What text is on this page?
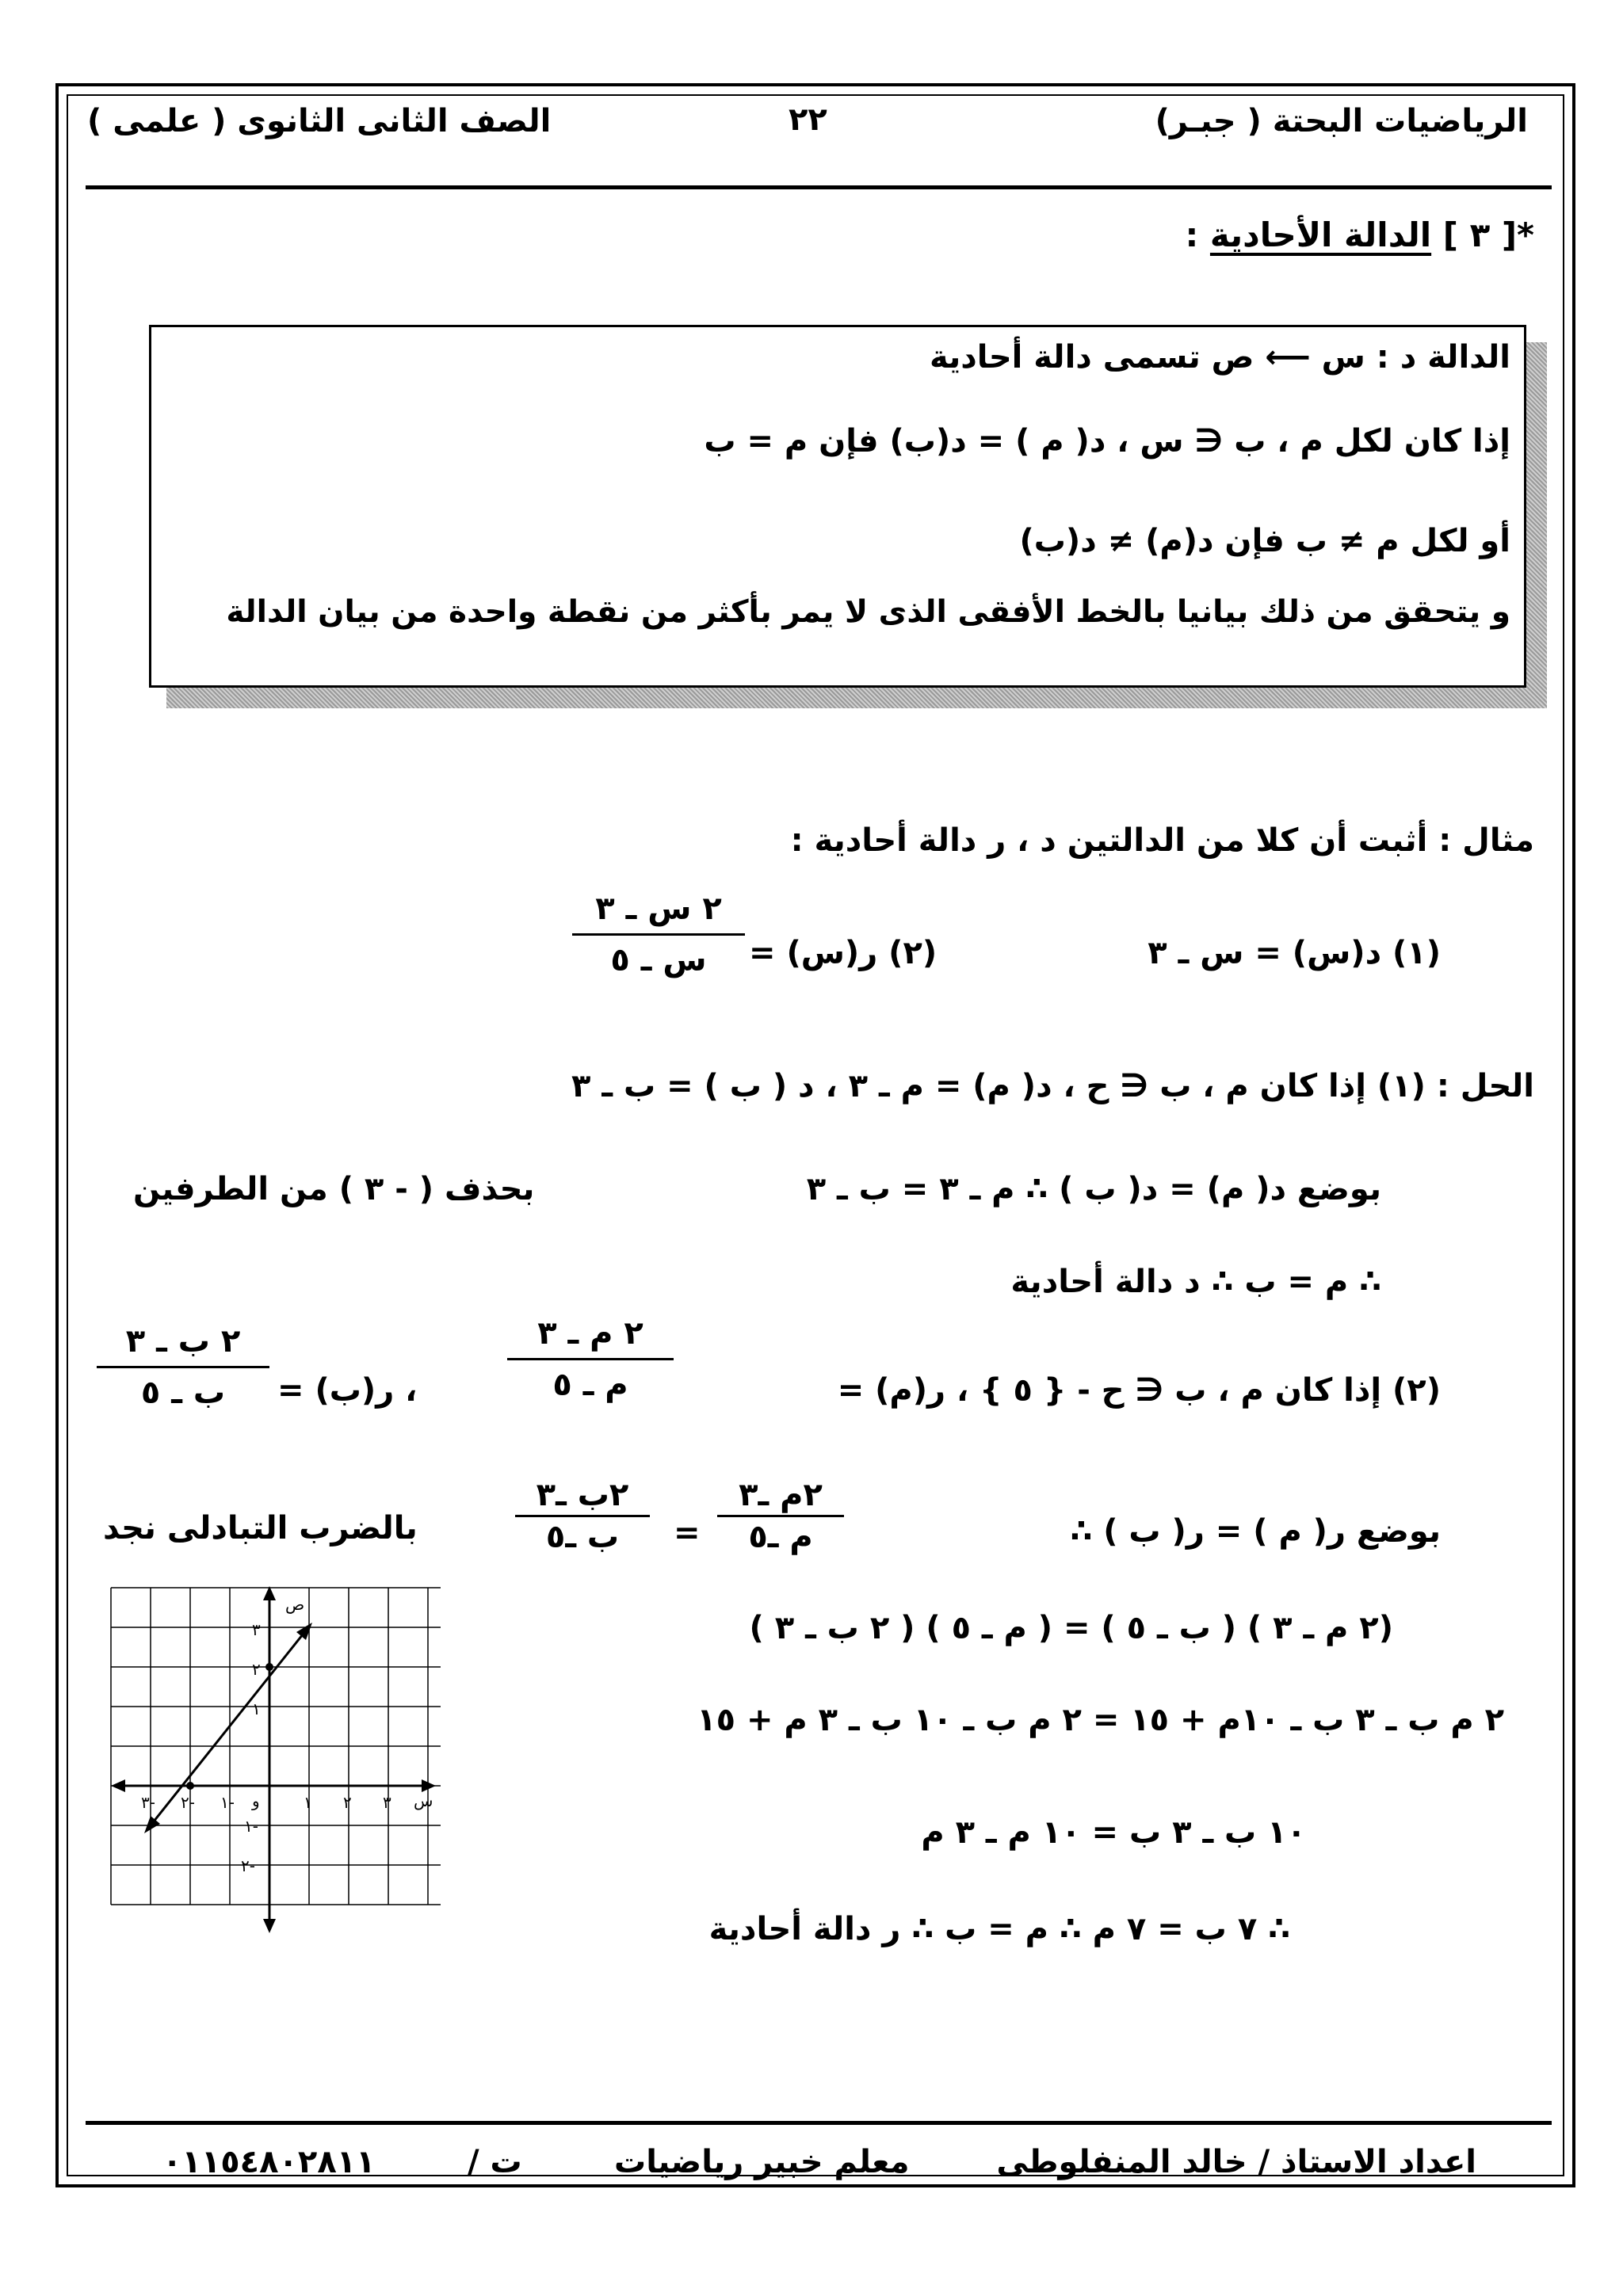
الرياضيات البحتة ( جبـر)
٢٢
الصف الثانى الثانوى ( علمى )
*[ ٣ ] الدالة الأحادية :
الدالة د : س ⟵ ص تسمى دالة أحادية
إذا كان لكل م ، ب ∈ س ، د( م ) = د(ب) فإن م = ب
أو لكل م ≠ ب فإن د(م) ≠ د(ب)
و يتحقق من ذلك بيانيا بالخط الأفقى الذى لا يمر بأكثر من نقطة واحدة من بيان الدالة
مثال : أثبت أن كلا من الدالتين د ، ر دالة أحادية :
(١) د(س) = س ـ ٣
(٢) ر(س) =
٢ س ـ ٣
س ـ ٥
الحل : (١) إذا كان م ، ب ∈ ح ، د( م) = م ـ ٣ ، د ( ب ) = ب ـ ٣
بوضع د( م) = د( ب ) ∴ م ـ ٣ = ب ـ ٣
بحذف ( - ٣ ) من الطرفين
∴ م = ب ∴ د دالة أحادية
(٢) إذا كان م ، ب ∈ ح - { ٥ } ، ر(م) =
٢ م ـ ٣
م ـ ٥
، ر(ب) =
٢ ب ـ ٣
ب ـ ٥
بوضع ر( م ) = ر( ب ) ∴
٢م ـ٣
م ـ٥
=
٢ب ـ٣
ب ـ٥
بالضرب التبادلى نجد
(٢ م ـ ٣ ) ( ب ـ ٥ ) = ( م ـ ٥ ) ( ٢ ب ـ ٣ )
٢ م ب ـ ٣ ب ـ ١٠م + ١٥ = ٢ م ب ـ ١٠ ب ـ ٣ م + ١٥
١٠ ب ـ ٣ ب = ١٠ م ـ ٣ م
∴ ٧ ب = ٧ م ∴ م = ب ∴ ر دالة أحادية
س
ص
٣- ٢- ١- و	١ ٢ ٣
٣
٢
١
١-
٢-
اعداد الاستاذ / خالد المنفلوطى
معلم خبير رياضيات
ت /
٠١١٥٤٨٠٢٨١١
